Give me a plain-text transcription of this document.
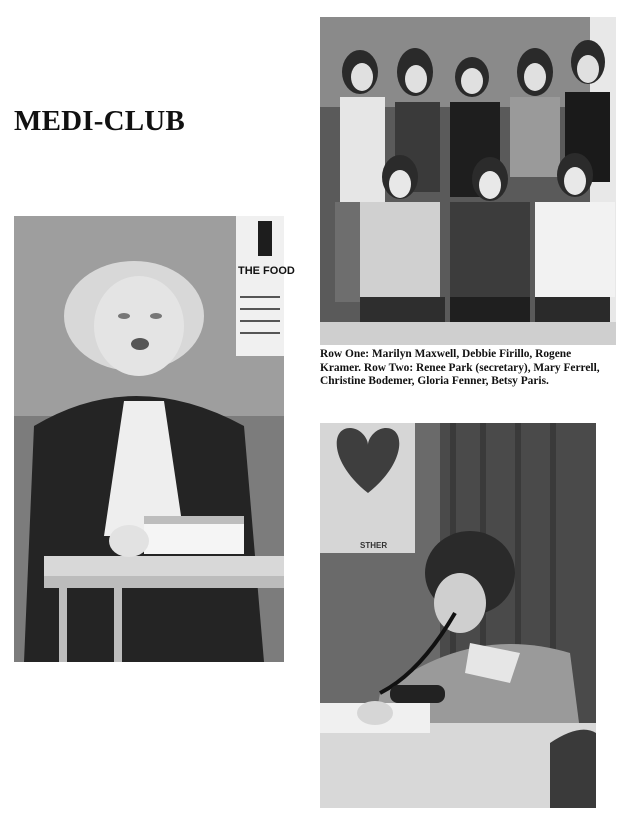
MEDI-CLUB
Row One: Marilyn Maxwell, Debbie Firillo, Rogene Kramer. Row Two: Renee Park (secretary), Mary Ferrell, Christine Bodemer, Gloria Fenner, Betsy Paris.
THE FOOD
STHER
